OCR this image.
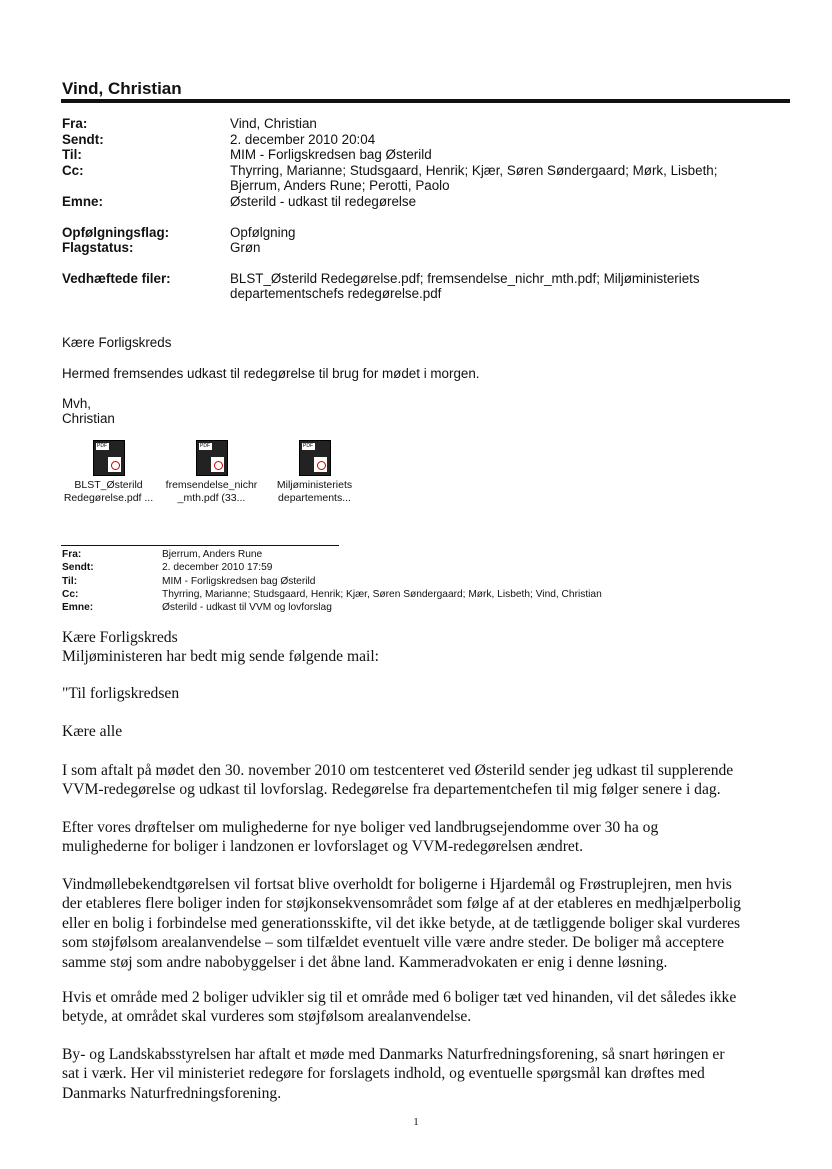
Vind, Christian
Fra:	Vind, Christian
Sendt:	2. december 2010 20:04
Til:	MIM - Forligskredsen bag Østerild
Cc:	Thyrring, Marianne; Studsgaard, Henrik; Kjær, Søren Søndergaard; Mørk, Lisbeth;
Bjerrum, Anders Rune; Perotti, Paolo
Emne:	Østerild - udkast til redegørelse
Opfølgningsflag:	Opfølgning
Flagstatus:	Grøn
Vedhæftede filer:	BLST_Østerild Redegørelse.pdf; fremsendelse_nichr_mth.pdf; Miljøministeriets
departementschefs redegørelse.pdf
Kære Forligskreds
Hermed fremsendes udkast til redegørelse til brug for mødet i morgen.
Mvh,
Christian
PDF
BLST_Østerild
Redegørelse.pdf ...
PDF
fremsendelse_nichr
_mth.pdf (33...
PDF
Miljøministeriets
departements...
Fra:	Bjerrum, Anders Rune
Sendt:	2. december 2010 17:59
Til:	MIM - Forligskredsen bag Østerild
Cc:	Thyrring, Marianne; Studsgaard, Henrik; Kjær, Søren Søndergaard; Mørk, Lisbeth; Vind, Christian
Emne:	Østerild - udkast til VVM og lovforslag
Kære Forligskreds
Miljøministeren har bedt mig sende følgende mail:
"Til forligskredsen
Kære alle
I som aftalt på mødet den 30. november 2010 om testcenteret ved Østerild sender jeg udkast til supplerende
VVM-redegørelse og udkast til lovforslag. Redegørelse fra departementchefen til mig følger senere i dag.
Efter vores drøftelser om mulighederne for nye boliger ved landbrugsejendomme over 30 ha og
mulighederne for boliger i landzonen er lovforslaget og VVM-redegørelsen ændret.
Vindmøllebekendtgørelsen vil fortsat blive overholdt for boligerne i Hjardemål og Frøstruplejren, men hvis
der etableres flere boliger inden for støjkonsekvensområdet som følge af at der etableres en medhjælperbolig
eller en bolig i forbindelse med generationsskifte, vil det ikke betyde, at de tætliggende boliger skal vurderes
som støjfølsom arealanvendelse – som tilfældet eventuelt ville være andre steder. De boliger må acceptere
samme støj som andre nabobyggelser i det åbne land. Kammeradvokaten er enig i denne løsning.
Hvis et område med 2 boliger udvikler sig til et område med 6 boliger tæt ved hinanden, vil det således ikke
betyde, at området skal vurderes som støjfølsom arealanvendelse.
By- og Landskabsstyrelsen har aftalt et møde med Danmarks Naturfredningsforening, så snart høringen er
sat i værk. Her vil ministeriet redegøre for forslagets indhold, og eventuelle spørgsmål kan drøftes med
Danmarks Naturfredningsforening.
1
